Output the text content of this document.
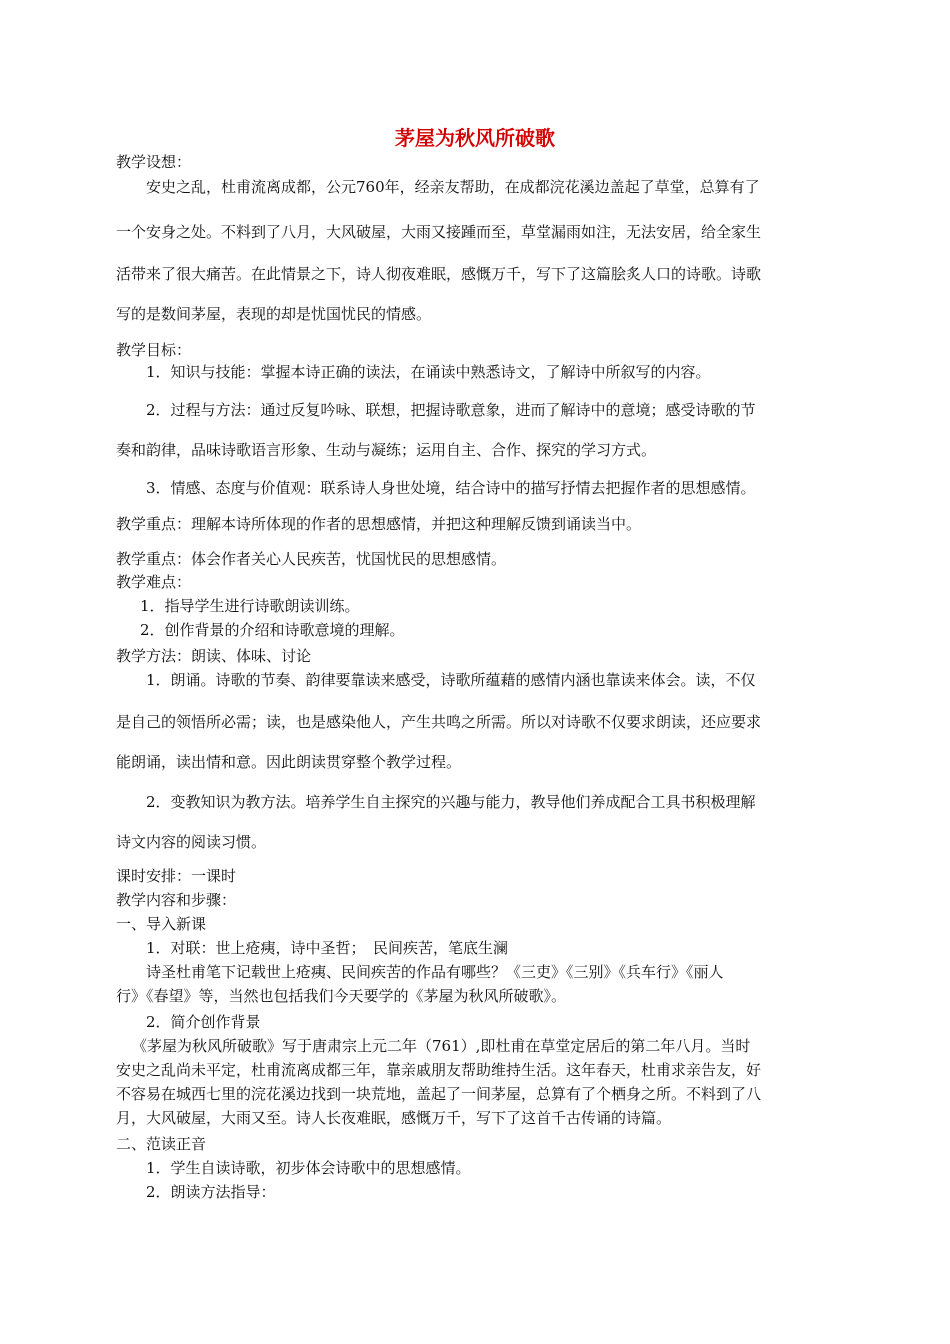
茅屋为秋风所破歌
教学设想：
安史之乱，杜甫流离成都，公元760年，经亲友帮助，在成都浣花溪边盖起了草堂，总算有了
一个安身之处。不料到了八月，大风破屋，大雨又接踵而至，草堂漏雨如注，无法安居，给全家生
活带来了很大痛苦。在此情景之下，诗人彻夜难眠，感慨万千，写下了这篇脍炙人口的诗歌。诗歌
写的是数间茅屋，表现的却是忧国忧民的情感。
教学目标：
1．知识与技能：掌握本诗正确的读法，在诵读中熟悉诗文，了解诗中所叙写的内容。
2．过程与方法：通过反复吟咏、联想，把握诗歌意象，进而了解诗中的意境；感受诗歌的节
奏和韵律，品味诗歌语言形象、生动与凝练；运用自主、合作、探究的学习方式。
3．情感、态度与价值观：联系诗人身世处境，结合诗中的描写抒情去把握作者的思想感情。
教学重点：理解本诗所体现的作者的思想感情，并把这种理解反馈到诵读当中。
教学重点：体会作者关心人民疾苦，忧国忧民的思想感情。
教学难点：
1．指导学生进行诗歌朗读训练。
2．创作背景的介绍和诗歌意境的理解。
教学方法：朗读、体味、讨论
1．朗诵。诗歌的节奏、韵律要靠读来感受，诗歌所蕴藉的感情内涵也靠读来体会。读，不仅
是自己的领悟所必需；读，也是感染他人，产生共鸣之所需。所以对诗歌不仅要求朗读，还应要求
能朗诵，读出情和意。因此朗读贯穿整个教学过程。
2．变教知识为教方法。培养学生自主探究的兴趣与能力，教导他们养成配合工具书积极理解
诗文内容的阅读习惯。
课时安排：一课时
教学内容和步骤：
一、导入新课
1．对联：世上疮痍，诗中圣哲；　民间疾苦，笔底生澜
诗圣杜甫笔下记载世上疮痍、民间疾苦的作品有哪些？《三吏》《三别》《兵车行》《丽人
行》《春望》等，当然也包括我们今天要学的《茅屋为秋风所破歌》。
2．简介创作背景
《茅屋为秋风所破歌》写于唐肃宗上元二年（761）,即杜甫在草堂定居后的第二年八月。当时
安史之乱尚未平定，杜甫流离成都三年，靠亲戚朋友帮助维持生活。这年春天，杜甫求亲告友，好
不容易在城西七里的浣花溪边找到一块荒地，盖起了一间茅屋，总算有了个栖身之所。不料到了八
月，大风破屋，大雨又至。诗人长夜难眠，感慨万千，写下了这首千古传诵的诗篇。
二、范读正音
1．学生自读诗歌，初步体会诗歌中的思想感情。
2．朗读方法指导：
